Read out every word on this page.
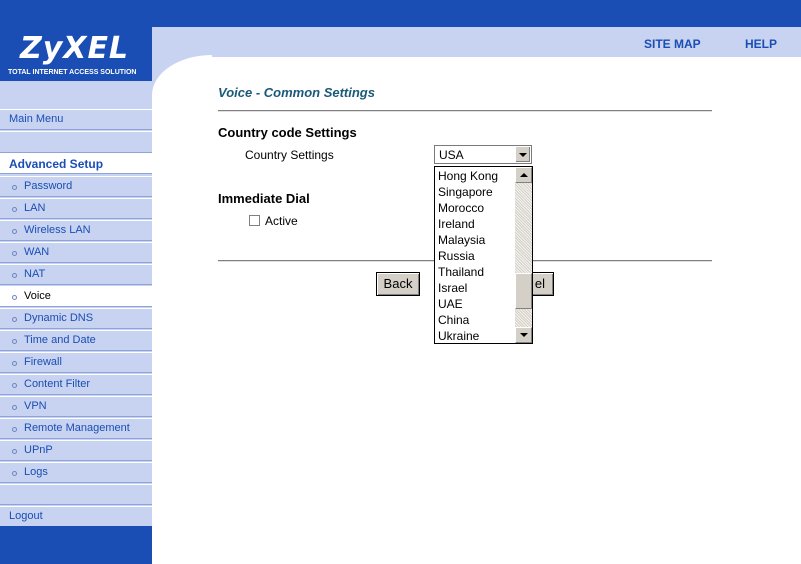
ZyXEL
TOTAL INTERNET ACCESS SOLUTION
SITE MAP	HELP
Main Menu
Advanced Setup
Password
LAN
Wireless LAN
WAN
NAT
Voice
Dynamic DNS
Time and Date
Firewall
Content Filter
VPN
Remote Management
UPnP
Logs
Logout
Voice - Common Settings
Country code Settings
Country Settings	USA
Immediate Dial
Active
Back	el
Hong Kong
Singapore
Morocco
Ireland
Malaysia
Russia
Thailand
Israel
UAE
China
Ukraine
